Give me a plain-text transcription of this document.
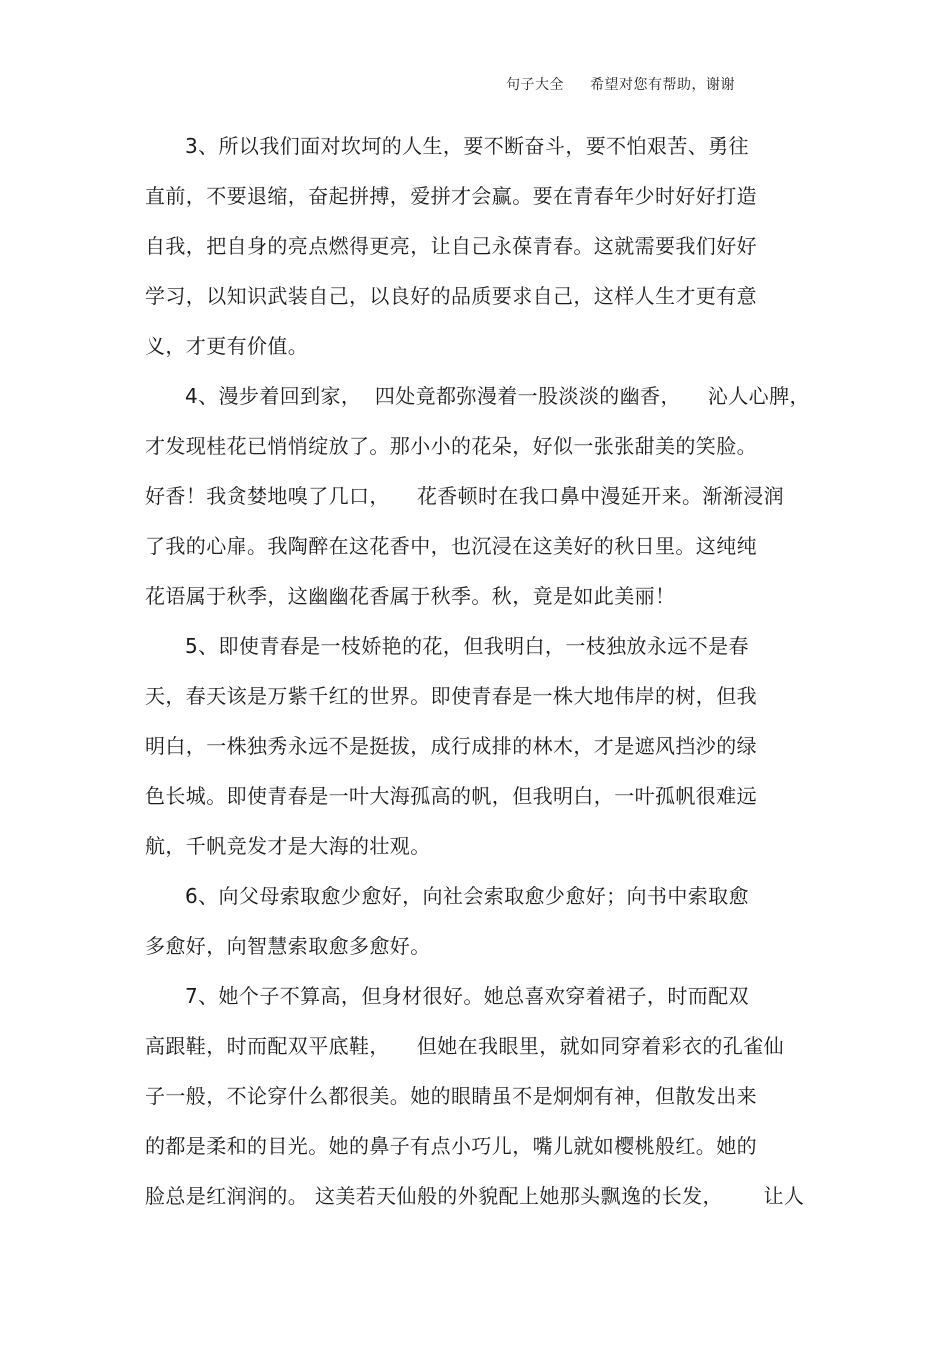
句子大全 希望对您有帮助，谢谢
3、所以我们面对坎坷的人生，要不断奋斗，要不怕艰苦、勇往
直前，不要退缩，奋起拼搏，爱拼才会赢。要在青春年少时好好打造
自我，把自身的亮点燃得更亮，让自己永葆青春。这就需要我们好好
学习，以知识武装自己，以良好的品质要求自己，这样人生才更有意
义，才更有价值。
4、漫步着回到家，  四处竟都弥漫着一股淡淡的幽香，    沁人心脾，
才发现桂花已悄悄绽放了。那小小的花朵，好似一张张甜美的笑脸。
好香！我贪婪地嗅了几口，    花香顿时在我口鼻中漫延开来。渐渐浸润
了我的心扉。我陶醉在这花香中，也沉浸在这美好的秋日里。这纯纯
花语属于秋季，这幽幽花香属于秋季。秋，竟是如此美丽！
5、即使青春是一枝娇艳的花，但我明白，一枝独放永远不是春
天，春天该是万紫千红的世界。即使青春是一株大地伟岸的树，但我
明白，一株独秀永远不是挺拔，成行成排的林木，才是遮风挡沙的绿
色长城。即使青春是一叶大海孤高的帆，但我明白，一叶孤帆很难远
航，千帆竞发才是大海的壮观。
6、向父母索取愈少愈好，向社会索取愈少愈好；向书中索取愈
多愈好，向智慧索取愈多愈好。
7、她个子不算高，但身材很好。她总喜欢穿着裙子，时而配双
高跟鞋，时而配双平底鞋，    但她在我眼里，就如同穿着彩衣的孔雀仙
子一般，不论穿什么都很美。她的眼睛虽不是炯炯有神，但散发出来
的都是柔和的目光。她的鼻子有点小巧儿，嘴儿就如樱桃般红。她的
脸总是红润润的。 这美若天仙般的外貌配上她那头飘逸的长发，      让人
